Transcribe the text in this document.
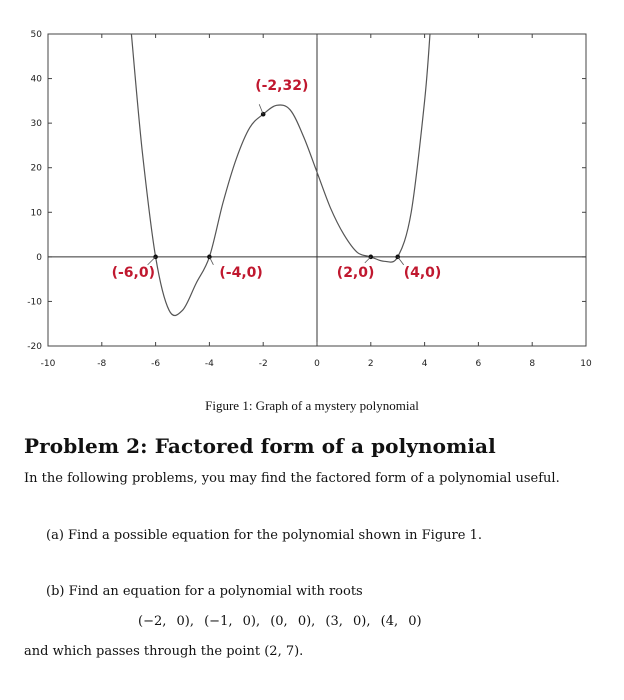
-10	-8	-6	-4	-2	0	2	4	6	8	10
50
40
30
20
10
0
-10
-20
(-6,0)	(-4,0)
(-2,32)
(2,0) (4,0)
Figure 1: Graph of a mystery polynomial
Problem 2: Factored form of a polynomial
In the following problems, you may find the factored form of a polynomial useful.
(a) Find a possible equation for the polynomial shown in Figure 1.
(b) Find an equation for a polynomial with roots
(−2, 0), (−1, 0), (0, 0), (3, 0), (4, 0)
and which passes through the point (2, 7).
